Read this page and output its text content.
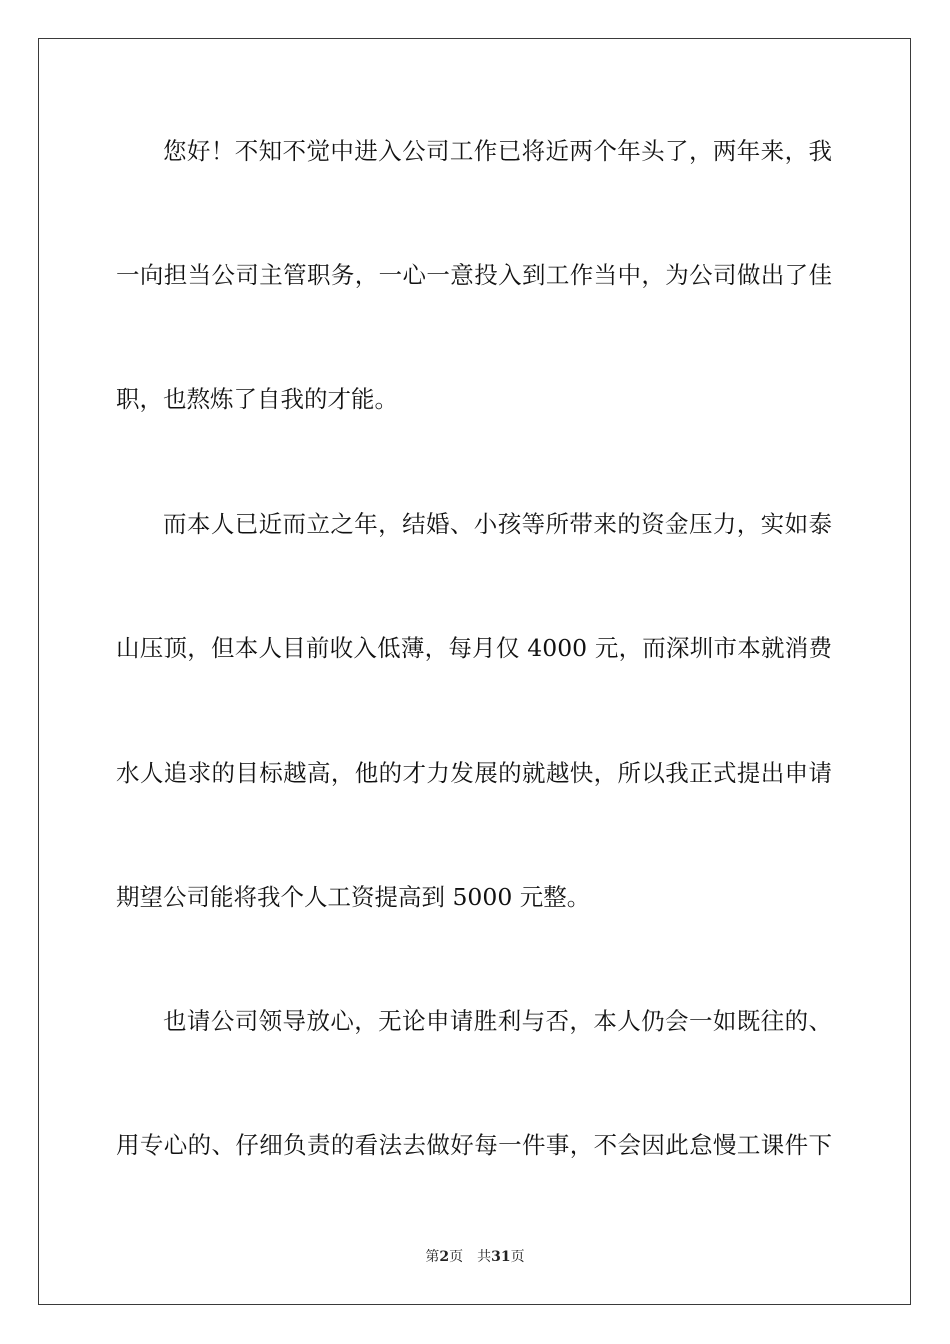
您好！不知不觉中进入公司工作已将近两个年头了，两年来，我
一向担当公司主管职务，一心一意投入到工作当中，为公司做出了佳
职，也熬炼了自我的才能。
而本人已近而立之年，结婚、小孩等所带来的资金压力，实如泰
山压顶，但本人目前收入低薄，每月仅 4000 元，而深圳市本就消费
水人追求的目标越高，他的才力发展的就越快，所以我正式提出申请
期望公司能将我个人工资提高到 5000 元整。
也请公司领导放心，无论申请胜利与否，本人仍会一如既往的、
用专心的、仔细负责的看法去做好每一件事，不会因此怠慢工课件下
第2页 共31页
